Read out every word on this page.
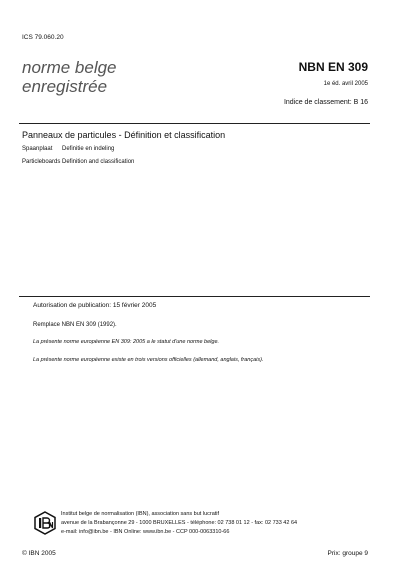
ICS 79.060.20
norme belge
enregistrée
NBN EN 309
1e éd. avril 2005
Indice de classement: B 16
Panneaux de particules - Définition et classification
Spaanplaat Definitie en indeling
Particleboards Definition and classification
Autorisation de publication: 15 février 2005
Remplace NBN EN 309 (1992).
La présente norme européenne EN 309: 2005 a le statut d'une norme belge.
La présente norme européenne existe en trois versions officielles (allemand, anglais, français).
Institut belge de normalisation (IBN), association sans but lucratif
avenue de la Brabançonne 29 - 1000 BRUXELLES - téléphone: 02 738 01 12 - fax: 02 733 42 64
e-mail: info@ibn.be - IBN Online: www.ibn.be - CCP 000-0063310-66
© IBN 2005	Prix: groupe 9
